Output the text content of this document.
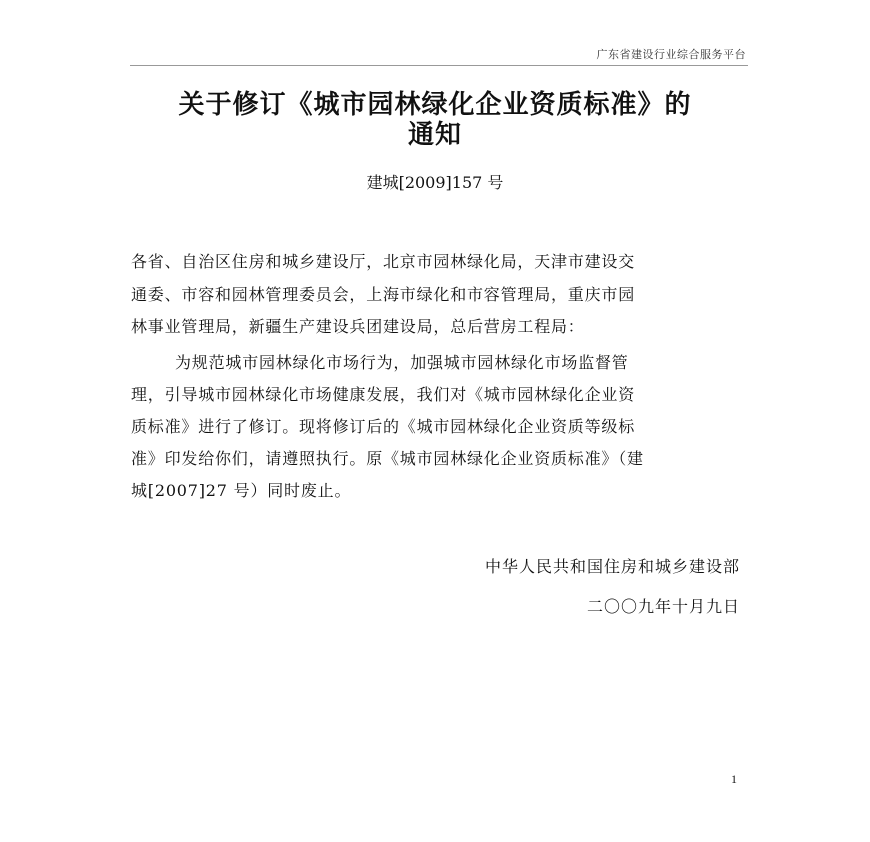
广东省建设行业综合服务平台
关于修订《城市园林绿化企业资质标准》的
通知
建城[2009]157 号
各省、自治区住房和城乡建设厅，北京市园林绿化局，天津市建设交
通委、市容和园林管理委员会，上海市绿化和市容管理局，重庆市园
林事业管理局，新疆生产建设兵团建设局，总后营房工程局：
为规范城市园林绿化市场行为，加强城市园林绿化市场监督管
理，引导城市园林绿化市场健康发展，我们对《城市园林绿化企业资
质标准》进行了修订。现将修订后的《城市园林绿化企业资质等级标
准》印发给你们，请遵照执行。原《城市园林绿化企业资质标准》（建
城[2007]27 号）同时废止。
中华人民共和国住房和城乡建设部
二〇〇九年十月九日
1
